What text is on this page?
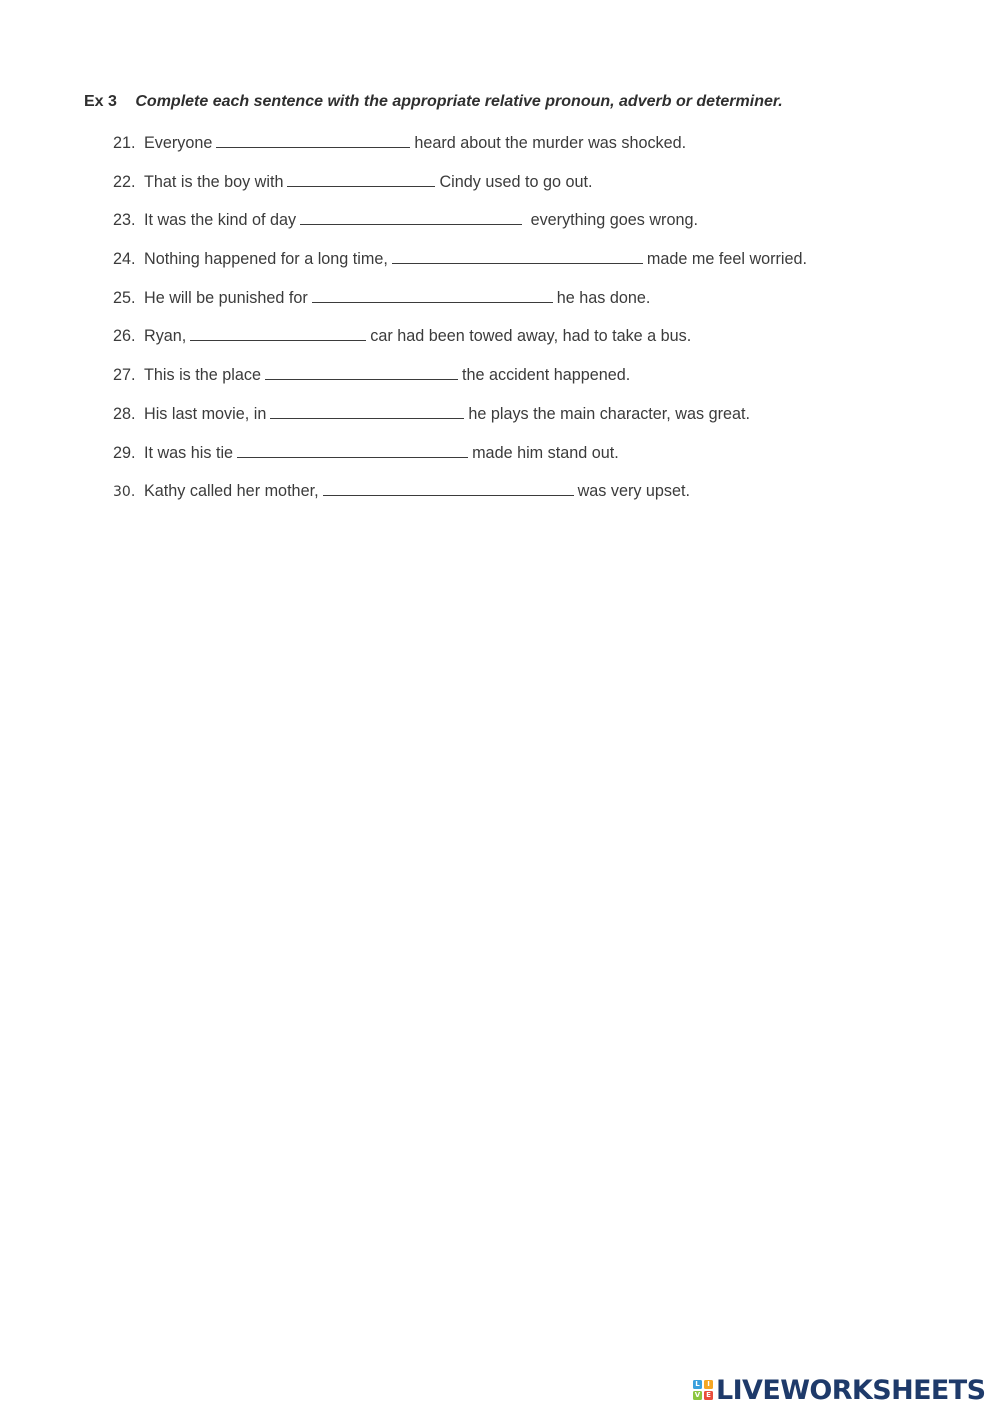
Ex 3 Complete each sentence with the appropriate relative pronoun, adverb or determiner.
21. Everyone	heard about the murder was shocked.
22. That is the boy with	Cindy used to go out.
23. It was the kind of day	everything goes wrong.
24. Nothing happened for a long time,	made me feel worried.
25. He will be punished for	he has done.
26. Ryan,	car had been towed away, had to take a bus.
27. This is the place	the accident happened.
28. His last movie, in	he plays the main character, was great.
29. It was his tie	made him stand out.
30. Kathy called her mother,	was very upset.
L	I
V E LIVEWORKSHEETS
